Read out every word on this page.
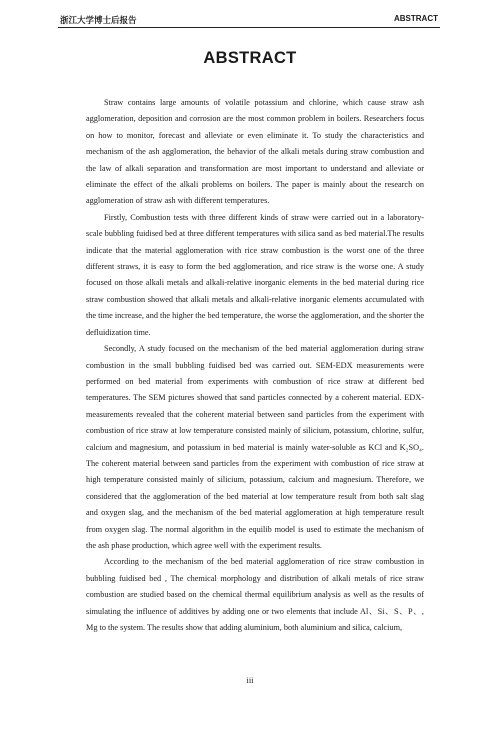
浙江大学博士后报告	ABSTRACT
ABSTRACT

Straw contains large amounts of volatile potassium and chlorine, which cause straw ash agglomeration, deposition and corrosion are the most common problem in boilers. Researchers focus on how to monitor, forecast and alleviate or even eliminate it. To study the characteristics and mechanism of the ash agglomeration, the behavior of the alkali metals during straw combustion and the law of alkali separation and transformation are most important to understand and alleviate or eliminate the effect of the alkali problems on boilers. The paper is mainly about the research on agglomeration of straw ash with different temperatures.

Firstly, Combustion tests with three different kinds of straw were carried out in a laboratory-scale bubbling fuidised bed at three different temperatures with silica sand as bed material.The results indicate that the material agglomeration with rice straw combustion is the worst one of the three different straws, it is easy to form the bed agglomeration, and rice straw is the worse one. A study focused on those alkali metals and alkali-relative inorganic elements in the bed material during rice straw combustion showed that alkali metals and alkali-relative inorganic elements accumulated with the time increase, and the higher the bed temperature, the worse the agglomeration, and the shorter the defluidization time.

Secondly, A study focused on the mechanism of the bed material agglomeration during straw combustion in the small bubbling fuidised bed was carried out. SEM-EDX measurements were performed on bed material from experiments with combustion of rice straw at different bed temperatures. The SEM pictures showed that sand particles connected by a coherent material. EDX-measurements revealed that the coherent material between sand particles from the experiment with combustion of rice straw at low temperature consisted mainly of silicium, potassium, chlorine, sulfur, calcium and magnesium, and potassium in bed material is mainly water-soluble as KCl and K₂SO₄. The coherent material between sand particles from the experiment with combustion of rice straw at high temperature consisted mainly of silicium, potassium, calcium and magnesium. Therefore, we considered that the agglomeration of the bed material at low temperature result from both salt slag and oxygen slag, and the mechanism of the bed material agglomeration at high temperature result from oxygen slag. The normal algorithm in the equilib model is used to estimate the mechanism of the ash phase production, which agree well with the experiment results.

According to the mechanism of the bed material agglomeration of rice straw combustion in bubbling fuidised bed , The chemical morphology and distribution of alkali metals of rice straw combustion are studied based on the chemical thermal equilibrium analysis as well as the results of simulating the influence of additives by adding one or two elements that include Al、Si、S、P、, Mg to the system. The results show that adding aluminium, both aluminium and silica, calcium,

iii
